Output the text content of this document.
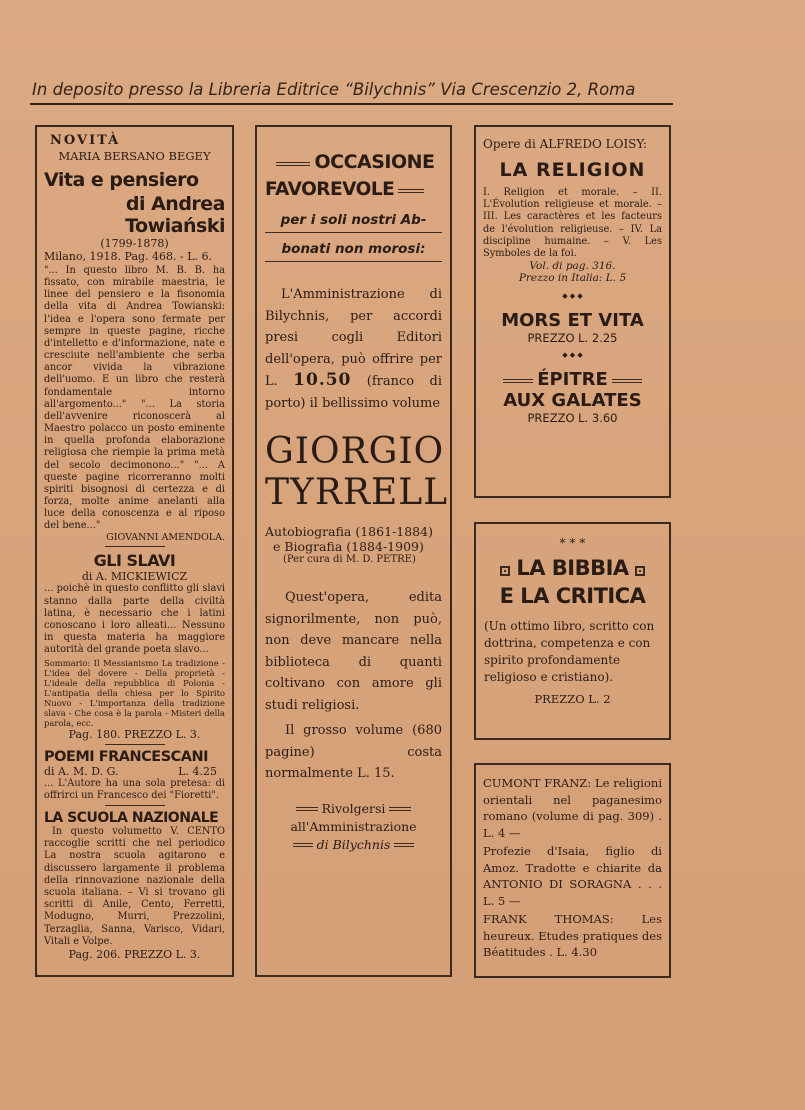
In deposito presso la Libreria Editrice “Bilychnis” Via Crescenzio 2, Roma
NOVITÀ
MARIA BERSANO BEGEY
Vita e pensiero
di Andrea Towiański
(1799-1878)
Milano, 1918. Pag. 468. - L. 6.
"... In questo libro M. B. B. ha fissato, con mirabile maestria, le linee del pensiero e la fisonomia della vita di Andrea Towianski: l'idea e l'opera sono fermate per sempre in queste pagine, ricche d'intelletto e d'informazione, nate e cresciute nell'ambiente che serba ancor vivida la vibrazione dell'uomo. E un libro che resterà fondamentale intorno all'argomento..." "... La storia dell'avvenire riconoscerà al Maestro polacco un posto eminente in quella profonda elaborazione religiosa che riempie la prima metà del secolo decimonono..." "... A queste pagine ricorreranno molti spiriti bisognosi di certezza e di forza, molte anime anelanti alla luce della conoscenza e al riposo del bene..."
GIOVANNI AMENDOLA.
GLI SLAVI
di A. MICKIEWICZ
... poichè in questo conflitto gli slavi stanno dalla parte della civiltà latina, è necessario che i latini conoscano i loro alleati... Nessuno in questa materia ha maggiore autorità del grande poeta slavo...
Sommario: Il Messianismo La tradizione - L'idea del dovere - Della proprietà - L'ideale della repubblica di Polonia - L'antipatia della chiesa per lo Spirito Nuovo - L'importanza della tradizione slava - Che cosa è la parola - Misteri della parola, ecc.
Pag. 180. PREZZO L. 3.
POEMI FRANCESCANI
di A. M. D. G.	L. 4.25
... L'Autore ha una sola pretesa: di offrirci un Francesco dei "Fioretti".
LA SCUOLA NAZIONALE
In questo volumetto V. CENTO raccoglie scritti che nel periodico La nostra scuola agitarono e discussero largamente il problema della rinnovazione nazionale della scuola italiana. – Vi si trovano gli scritti di Anile, Cento, Ferretti, Modugno, Murri, Prezzolini, Terzaglia, Sanna, Varisco, Vidari, Vitali e Volpe.
Pag. 206. PREZZO L. 3.
OCCASIONE
FAVOREVOLE
per i soli nostri Ab-
bonati non morosi:
L'Amministrazione di Bilychnis, per accordi presi cogli Editori dell'opera, può offrire per L. 10.50 (franco di porto) il bellissimo volume
GIORGIO
TYRRELL
Autobiografia (1861-1884)
e Biografia (1884-1909)
(Per cura di M. D. PETRE)
Quest'opera, edita signorilmente, non può, non deve mancare nella biblioteca di quanti coltivano con amore gli studi religiosi.
Il grosso volume (680 pagine) costa normalmente L. 15.
Rivolgersi
all'Amministrazione
di Bilychnis
Opere di ALFREDO LOISY:
LA RELIGION
I. Religion et morale. – II. L'Évolution religieuse et morale. – III. Les caractères et les facteurs de l'évolution religieuse. – IV. La discipline humaine. – V. Les Symboles de la foi.
Vol. di pag. 316.
Prezzo in Italia: L. 5
◆ ◆ ◆
MORS ET VITA
PREZZO L. 2.25
◆ ◆ ◆
ÉPITRE
AUX GALATES
PREZZO L. 3.60
* * *
LA BIBBIA
E LA CRITICA
(Un ottimo libro, scritto con dottrina, competenza e con spirito profondamente religioso e cristiano).
PREZZO L. 2
CUMONT FRANZ: Le religioni orientali nel paganesimo romano (volume di pag. 309) . L. 4 —
Profezie d'Isaia, figlio di Amoz. Tradotte e chiarite da ANTONIO DI SORAGNA . . . L. 5 —
FRANK THOMAS: Les heureux. Etudes pratiques des Béatitudes . L. 4.30
